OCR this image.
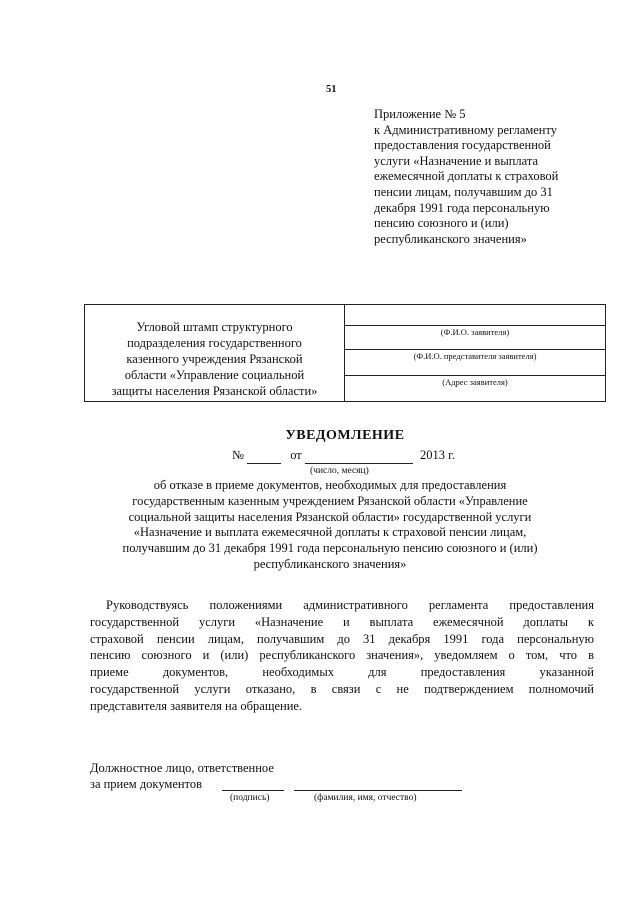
51
Приложение № 5
к Административному регламенту
предоставления государственной
услуги «Назначение и выплата
ежемесячной доплаты к страховой
пенсии лицам, получавшим до 31
декабря 1991 года персональную
пенсию союзного и (или)
республиканского значения»
Угловой штамп структурного
подразделения государственного
казенного учреждения Рязанской
области «Управление социальной
защиты населения Рязанской области»
(Ф.И.О. заявителя)
(Ф.И.О. представителя заявителя)
(Адрес заявителя)
УВЕДОМЛЕНИЕ
№	от	2013 г.
(число, месяц)
об отказе в приеме документов, необходимых для предоставления
государственным казенным учреждением Рязанской области «Управление
социальной защиты населения Рязанской области» государственной услуги
«Назначение и выплата ежемесячной доплаты к страховой пенсии лицам,
получавшим до 31 декабря 1991 года персональную пенсию союзного и (или)
республиканского значения»
Руководствуясь положениями административного регламента предоставления
государственной услуги «Назначение и выплата ежемесячной доплаты к
страховой пенсии лицам, получавшим до 31 декабря 1991 года персональную
пенсию союзного и (или) республиканского значения», уведомляем о том, что в
приеме документов, необходимых для предоставления указанной
государственной услуги отказано, в связи с не подтверждением полномочий
представителя заявителя на обращение.
Должностное лицо, ответственное
за прием документов
(подпись)	(фамилия, имя, отчество)
